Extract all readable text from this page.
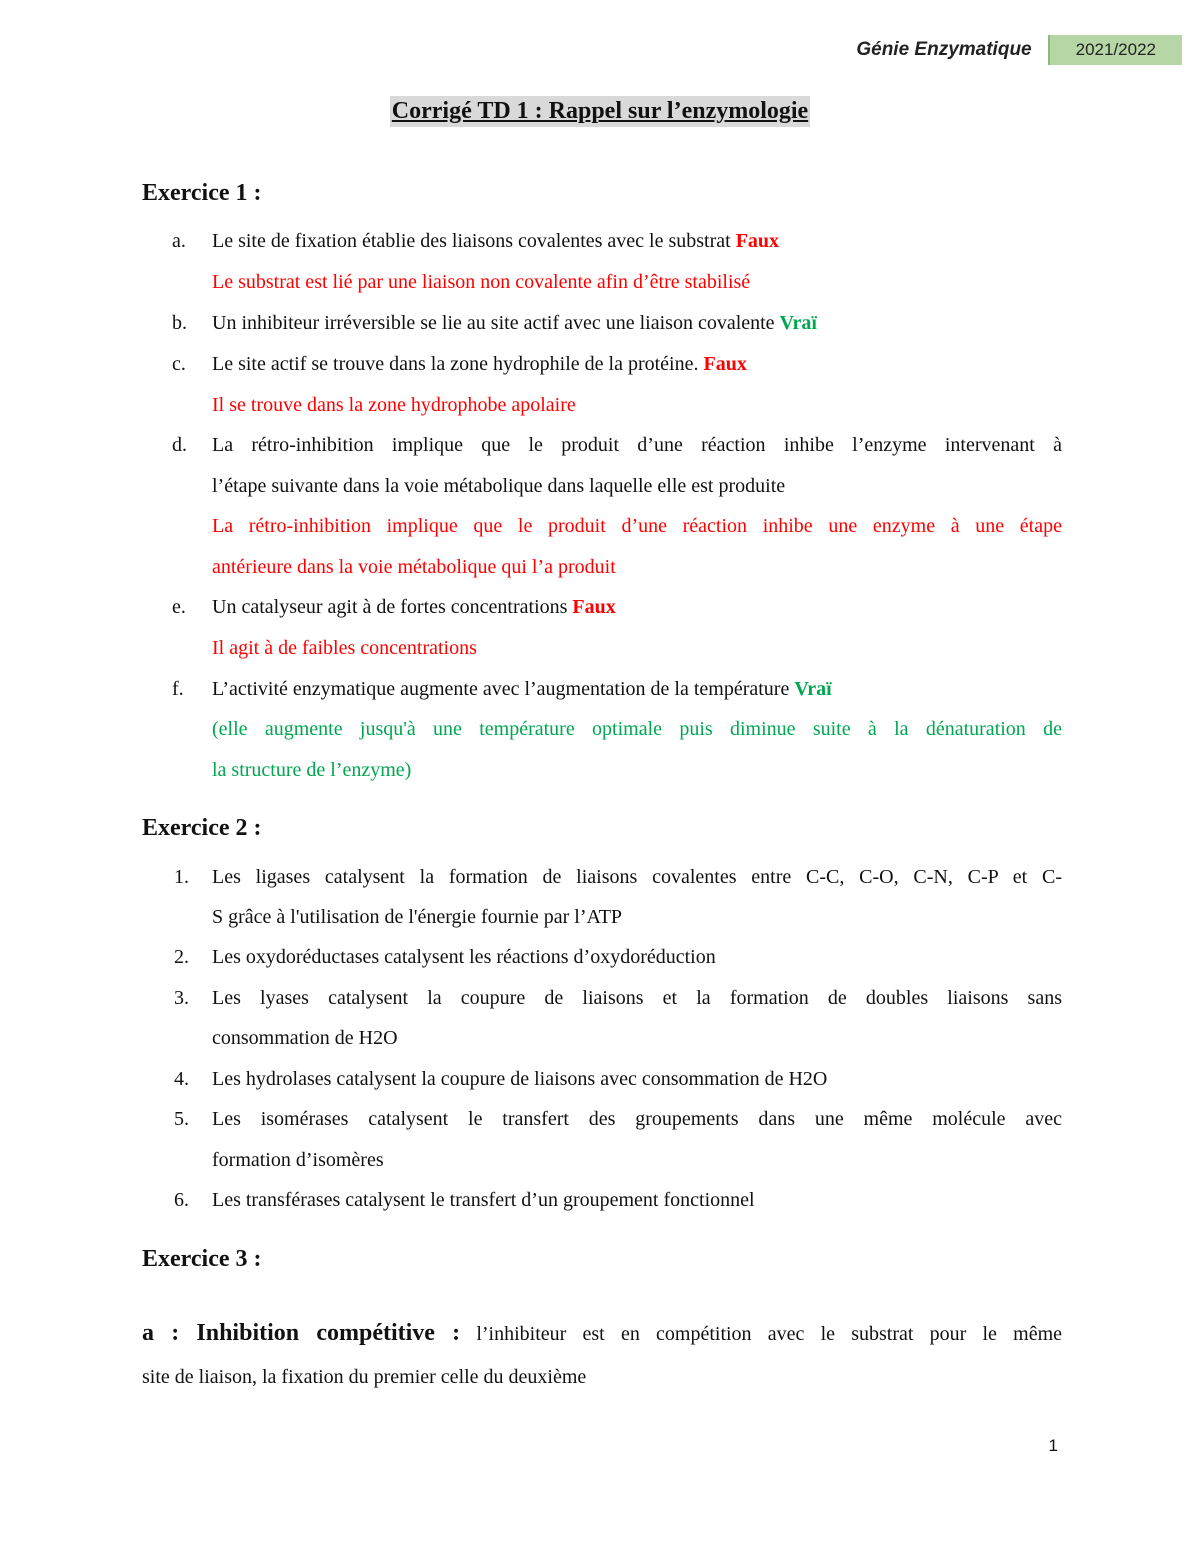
Génie Enzymatique	2021/2022
Corrigé TD 1 : Rappel sur l’enzymologie
Exercice 1 :
a.	Le site de fixation établie des liaisons covalentes avec le substrat Faux
Le substrat est lié par une liaison non covalente afin d’être stabilisé
b.	Un inhibiteur irréversible se lie au site actif avec une liaison covalente Vraï
c.	Le site actif se trouve dans la zone hydrophile de la protéine. Faux
Il se trouve dans la zone hydrophobe apolaire
d.	La rétro-inhibition implique que le produit d’une réaction inhibe l’enzyme intervenant à
l’étape suivante dans la voie métabolique dans laquelle elle est produite
La rétro-inhibition implique que le produit d’une réaction inhibe une enzyme à une étape
antérieure dans la voie métabolique qui l’a produit
e.	Un catalyseur agit à de fortes concentrations Faux
Il agit à de faibles concentrations
f.	L’activité enzymatique augmente avec l’augmentation de la température Vraï
(elle augmente jusqu'à une température optimale puis diminue suite à la dénaturation de
la structure de l’enzyme)
Exercice 2 :
1.	Les ligases catalysent la formation de liaisons covalentes entre C-C, C-O, C-N, C-P et C-
S grâce à l'utilisation de l'énergie fournie par l’ATP
2.	Les oxydoréductases catalysent les réactions d’oxydoréduction
3.	Les lyases catalysent la coupure de liaisons et la formation de doubles liaisons sans
consommation de H2O
4.	Les hydrolases catalysent la coupure de liaisons avec consommation de H2O
5.	Les isomérases catalysent le transfert des groupements dans une même molécule avec
formation d’isomères
6.	Les transférases catalysent le transfert d’un groupement fonctionnel
Exercice 3 :
a : Inhibition compétitive : l’inhibiteur est en compétition avec le substrat pour le même
site de liaison, la fixation du premier celle du deuxième
1
